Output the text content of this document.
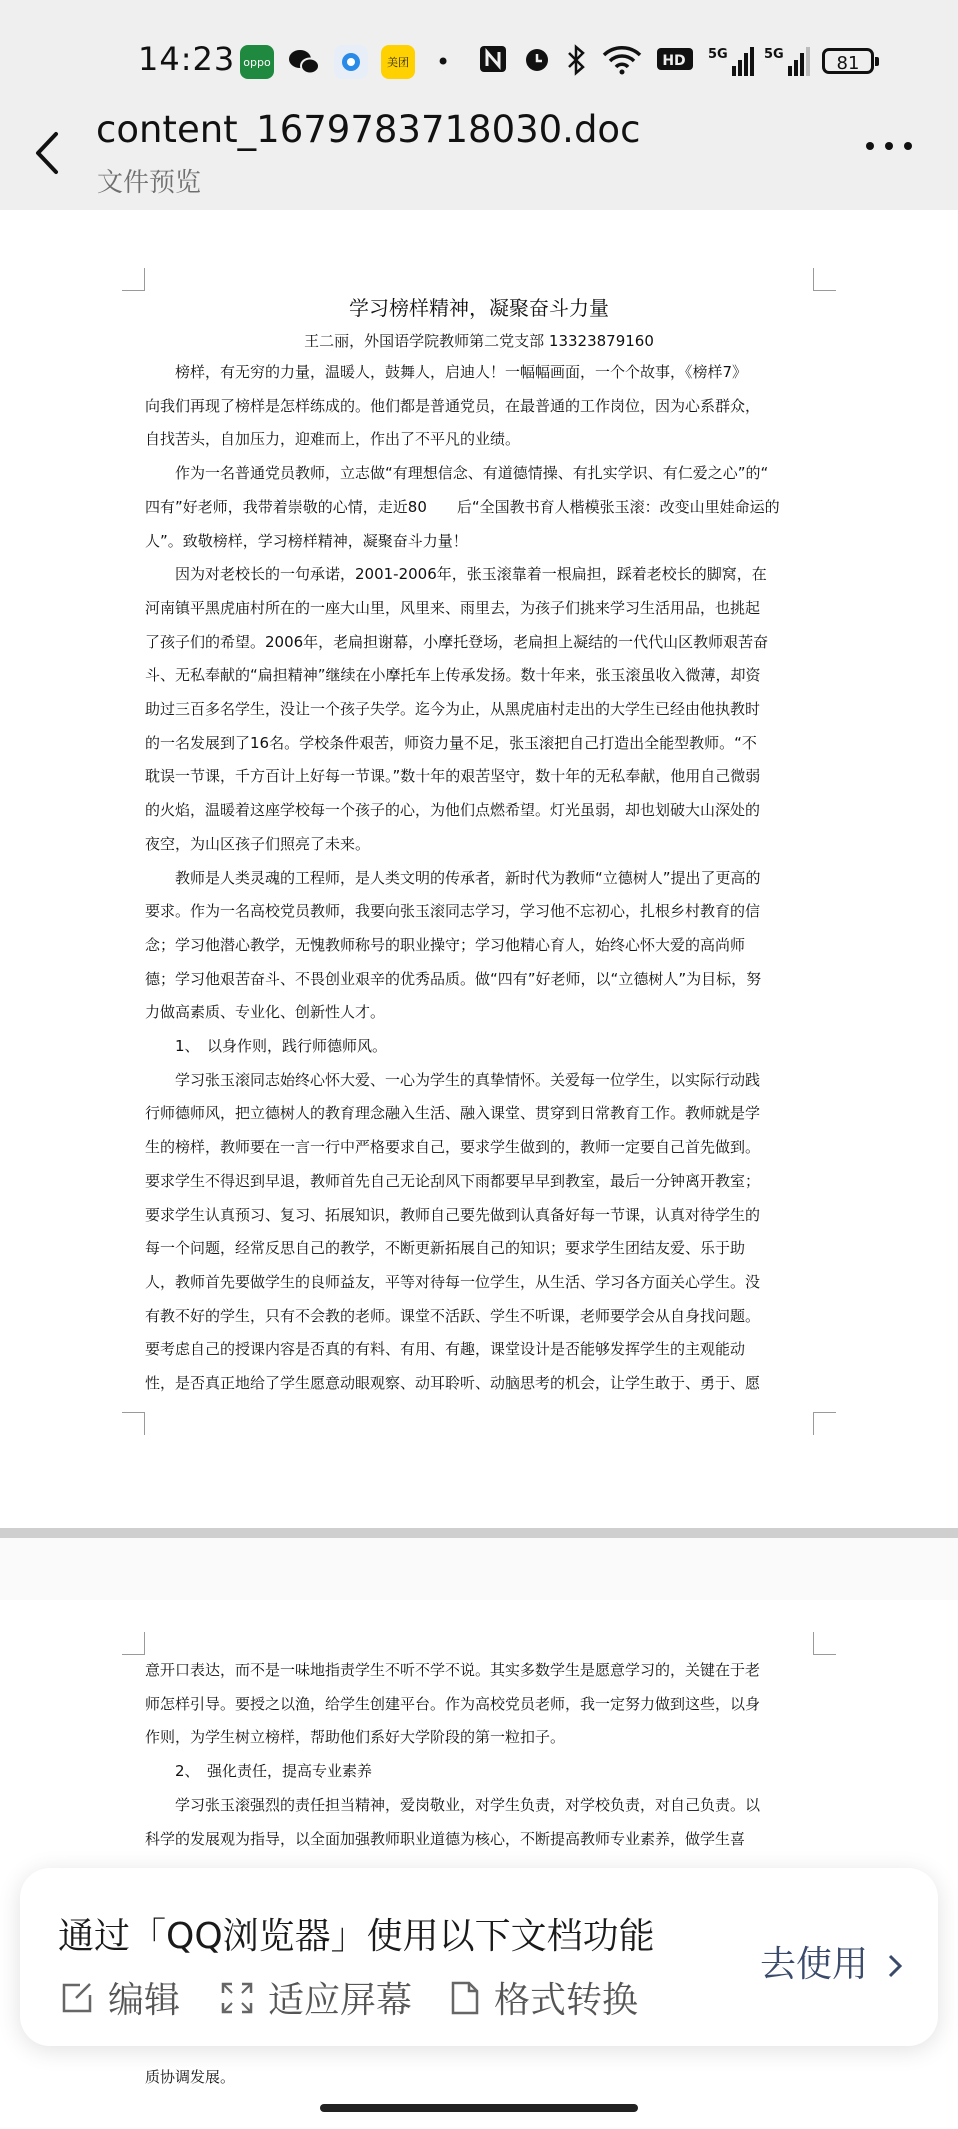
14:23 oppo	美团 •	HD 5G	5G	81
content_1679783718030.doc
文件预览
学习榜样精神，凝聚奋斗力量
王二丽，外国语学院教师第二党支部 13323879160
　　榜样，有无穷的力量，温暖人，鼓舞人，启迪人！一幅幅画面，一个个故事，《榜样7》
向我们再现了榜样是怎样练成的。他们都是普通党员，在最普通的工作岗位，因为心系群众，
自找苦头，自加压力，迎难而上，作出了不平凡的业绩。
　　作为一名普通党员教师，立志做“有理想信念、有道德情操、有扎实学识、有仁爱之心”的“
四有”好老师，我带着崇敬的心情，走近80　　后“全国教书育人楷模张玉滚：改变山里娃命运的
人”。致敬榜样，学习榜样精神，凝聚奋斗力量！
　　因为对老校长的一句承诺，2001-2006年，张玉滚靠着一根扁担，踩着老校长的脚窝，在
河南镇平黑虎庙村所在的一座大山里，风里来、雨里去，为孩子们挑来学习生活用品，也挑起
了孩子们的希望。2006年，老扁担谢幕，小摩托登场，老扁担上凝结的一代代山区教师艰苦奋
斗、无私奉献的“扁担精神”继续在小摩托车上传承发扬。数十年来，张玉滚虽收入微薄，却资
助过三百多名学生，没让一个孩子失学。迄今为止，从黑虎庙村走出的大学生已经由他执教时
的一名发展到了16名。学校条件艰苦，师资力量不足，张玉滚把自己打造出全能型教师。“不
耽误一节课，千方百计上好每一节课。”数十年的艰苦坚守，数十年的无私奉献，他用自己微弱
的火焰，温暖着这座学校每一个孩子的心，为他们点燃希望。灯光虽弱，却也划破大山深处的
夜空，为山区孩子们照亮了未来。
　　教师是人类灵魂的工程师，是人类文明的传承者，新时代为教师“立德树人”提出了更高的
要求。作为一名高校党员教师，我要向张玉滚同志学习，学习他不忘初心，扎根乡村教育的信
念；学习他潜心教学，无愧教师称号的职业操守；学习他精心育人，始终心怀大爱的高尚师
德；学习他艰苦奋斗、不畏创业艰辛的优秀品质。做“四有”好老师，以“立德树人”为目标，努
力做高素质、专业化、创新性人才。
　　1、　以身作则，践行师德师风。
　　学习张玉滚同志始终心怀大爱、一心为学生的真挚情怀。关爱每一位学生，以实际行动践
行师德师风，把立德树人的教育理念融入生活、融入课堂、贯穿到日常教育工作。教师就是学
生的榜样，教师要在一言一行中严格要求自己，要求学生做到的，教师一定要自己首先做到。
要求学生不得迟到早退，教师首先自己无论刮风下雨都要早早到教室，最后一分钟离开教室；
要求学生认真预习、复习、拓展知识，教师自己要先做到认真备好每一节课，认真对待学生的
每一个问题，经常反思自己的教学，不断更新拓展自己的知识；要求学生团结友爱、乐于助
人，教师首先要做学生的良师益友，平等对待每一位学生，从生活、学习各方面关心学生。没
有教不好的学生，只有不会教的老师。课堂不活跃、学生不听课，老师要学会从自身找问题。
要考虑自己的授课内容是否真的有料、有用、有趣，课堂设计是否能够发挥学生的主观能动
性，是否真正地给了学生愿意动眼观察、动耳聆听、动脑思考的机会，让学生敢于、勇于、愿
意开口表达，而不是一味地指责学生不听不学不说。其实多数学生是愿意学习的，关键在于老
师怎样引导。要授之以渔，给学生创建平台。作为高校党员老师，我一定努力做到这些，以身
作则，为学生树立榜样，帮助他们系好大学阶段的第一粒扣子。
　　2、　强化责任，提高专业素养
　　学习张玉滚强烈的责任担当精神，爱岗敬业，对学生负责，对学校负责，对自己负责。以
科学的发展观为指导，以全面加强教师职业道德为核心，不断提高教师专业素养，做学生喜
质协调发展。
通过「QQ浏览器」使用以下文档功能
编辑 适应屏幕 格式转换
去使用
